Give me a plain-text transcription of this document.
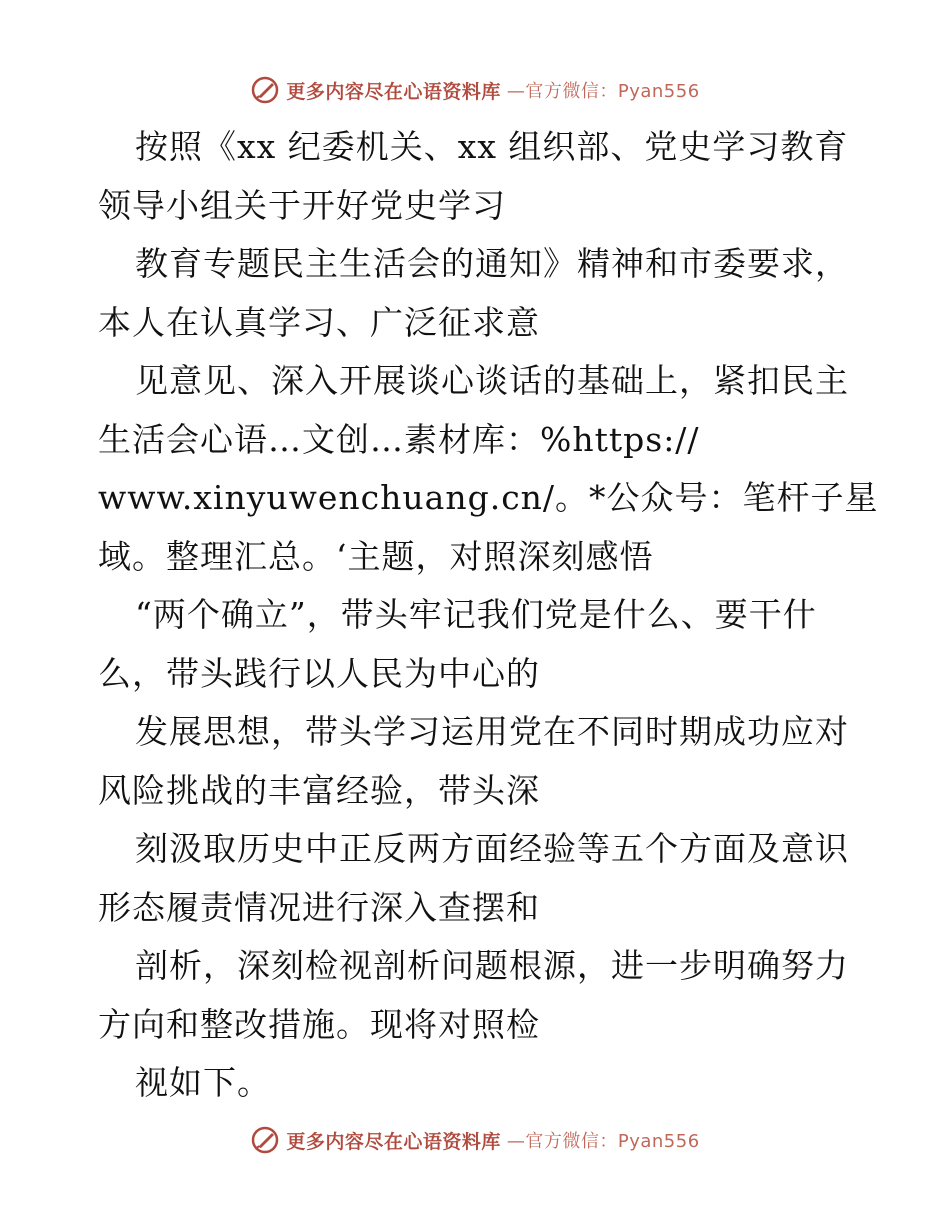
更多内容尽在心语资料库 —官方微信：Pyan556
按照《xx 纪委机关、xx 组织部、党史学习教育
领导小组关于开好党史学习
教育专题民主生活会的通知》精神和市委要求，
本人在认真学习、广泛征求意
见意见、深入开展谈心谈话的基础上，紧扣民主
生活会心语…文创…素材库：%https://
www.xinyuwenchuang.cn/。*公众号：笔杆子星
域。整理汇总。‘主题，对照深刻感悟
“两个确立”，带头牢记我们党是什么、要干什
么，带头践行以人民为中心的
发展思想，带头学习运用党在不同时期成功应对
风险挑战的丰富经验，带头深
刻汲取历史中正反两方面经验等五个方面及意识
形态履责情况进行深入查摆和
剖析，深刻检视剖析问题根源，进一步明确努力
方向和整改措施。现将对照检
视如下。
更多内容尽在心语资料库 —官方微信：Pyan556
